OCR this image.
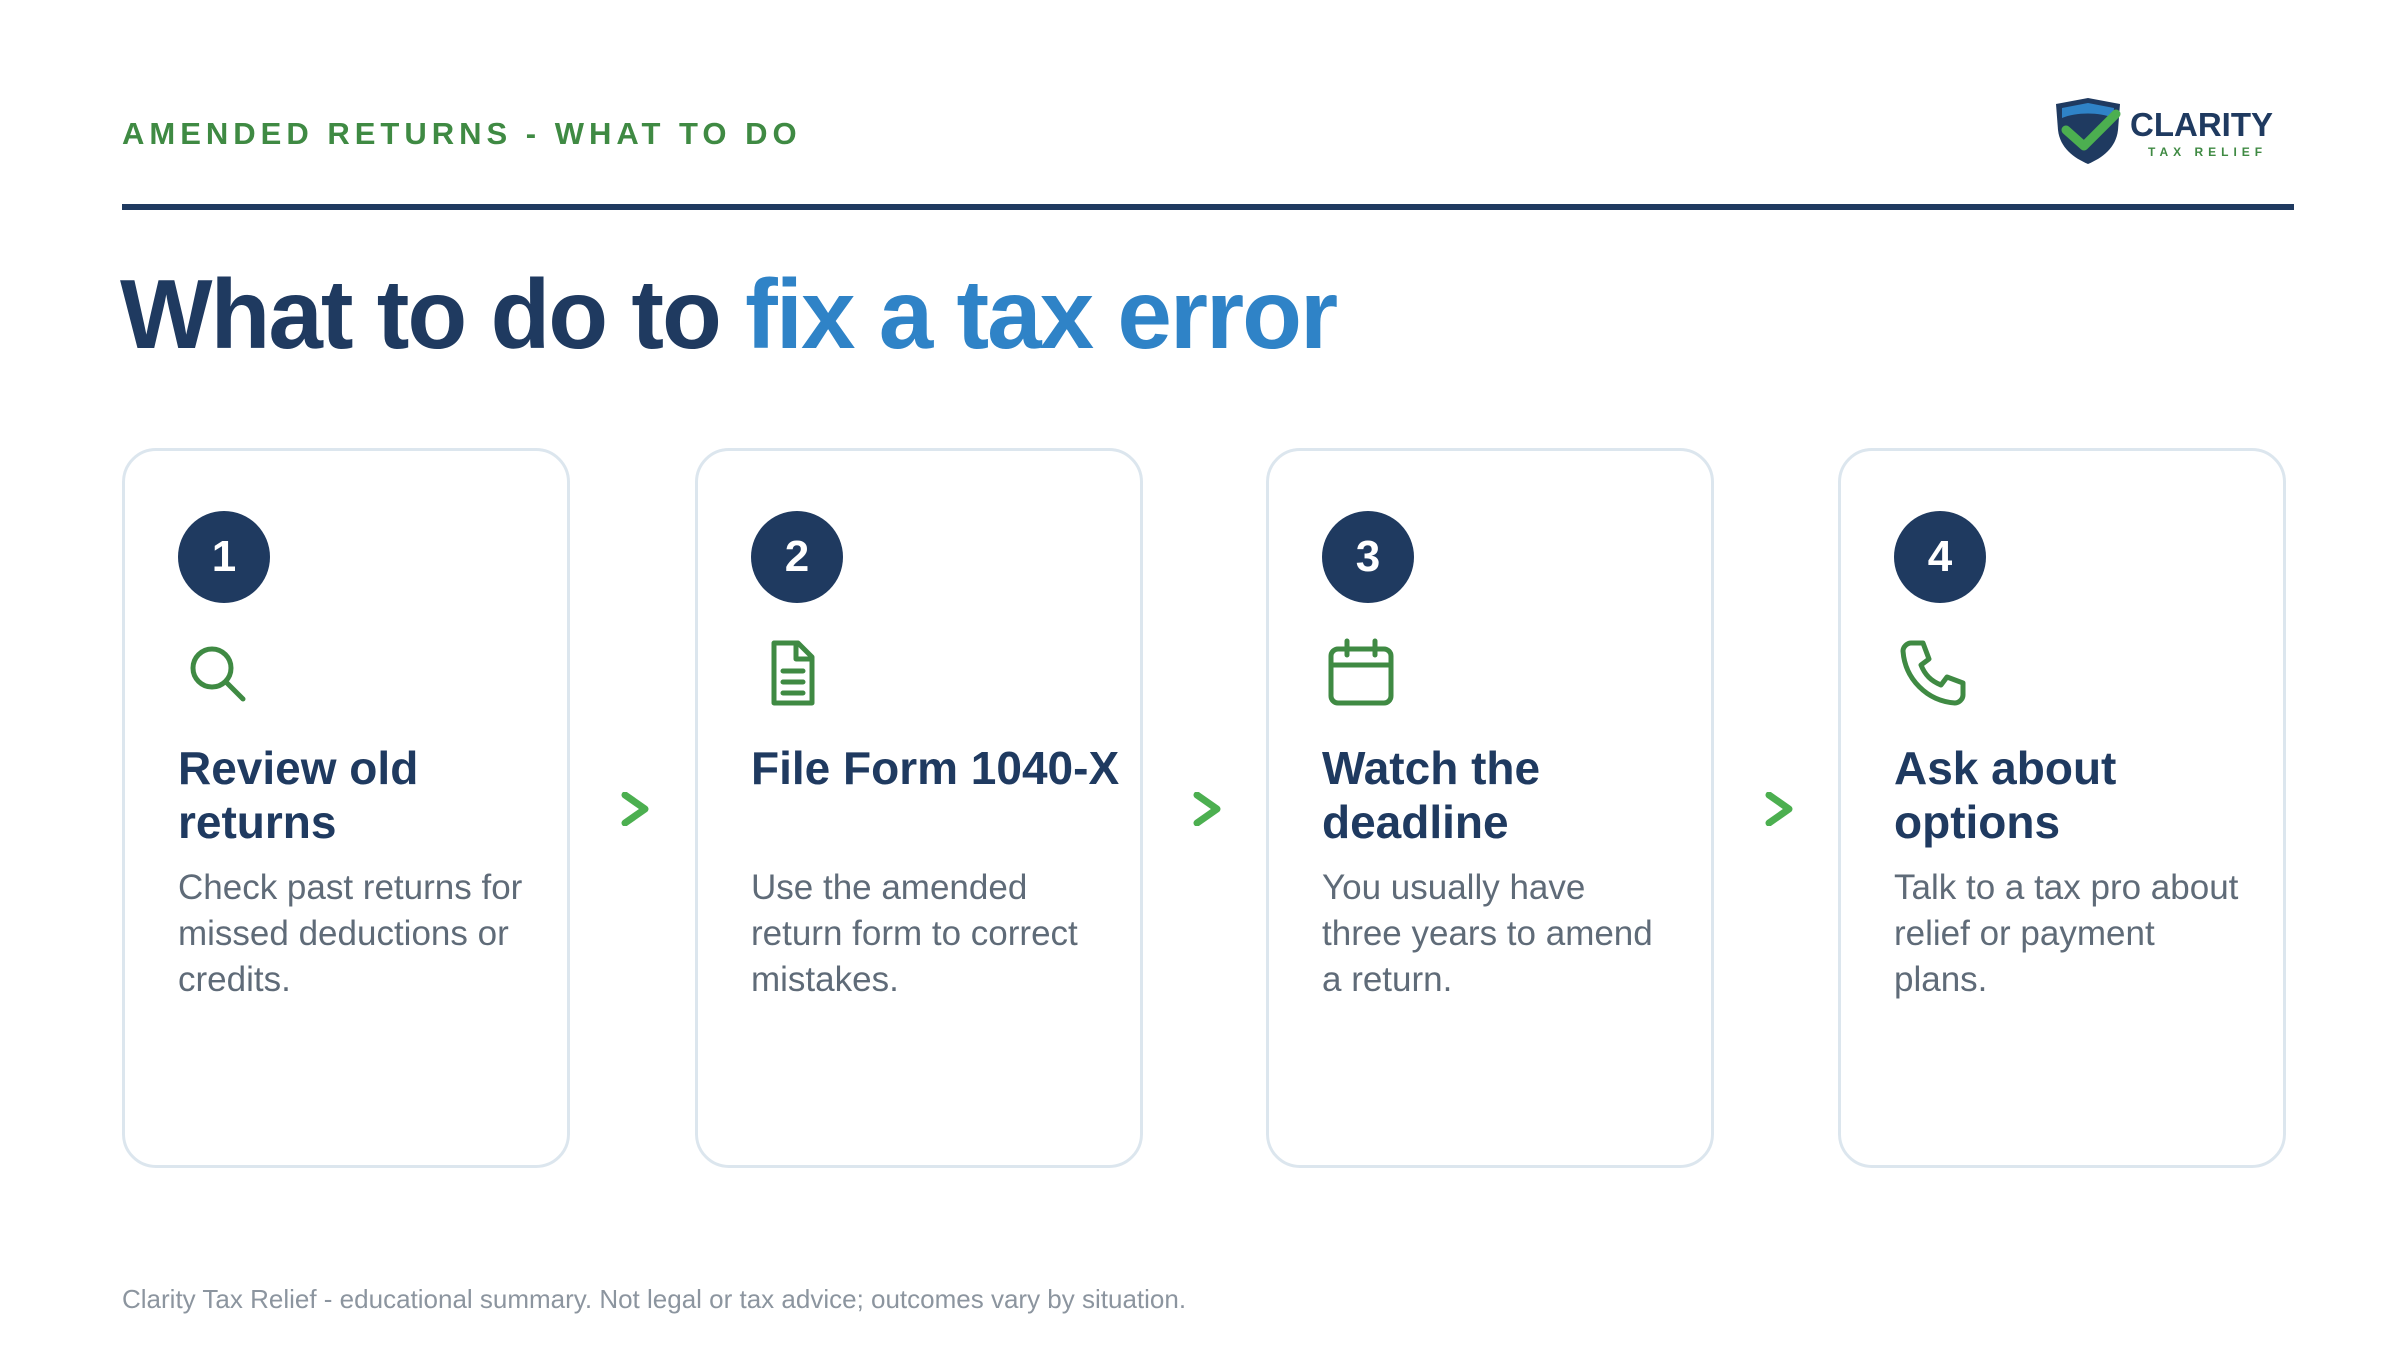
AMENDED RETURNS - WHAT TO DO	CLARITY
TAX RELIEF
What to do to fix a tax error
1
Review old returns
Check past returns for missed deductions or credits.
2
File Form 1040-X
Use the amended return form to correct mistakes.
3
Watch the deadline
You usually have three years to amend a return.
4
Ask about options
Talk to a tax pro about relief or payment plans.
Clarity Tax Relief - educational summary. Not legal or tax advice; outcomes vary by situation.
